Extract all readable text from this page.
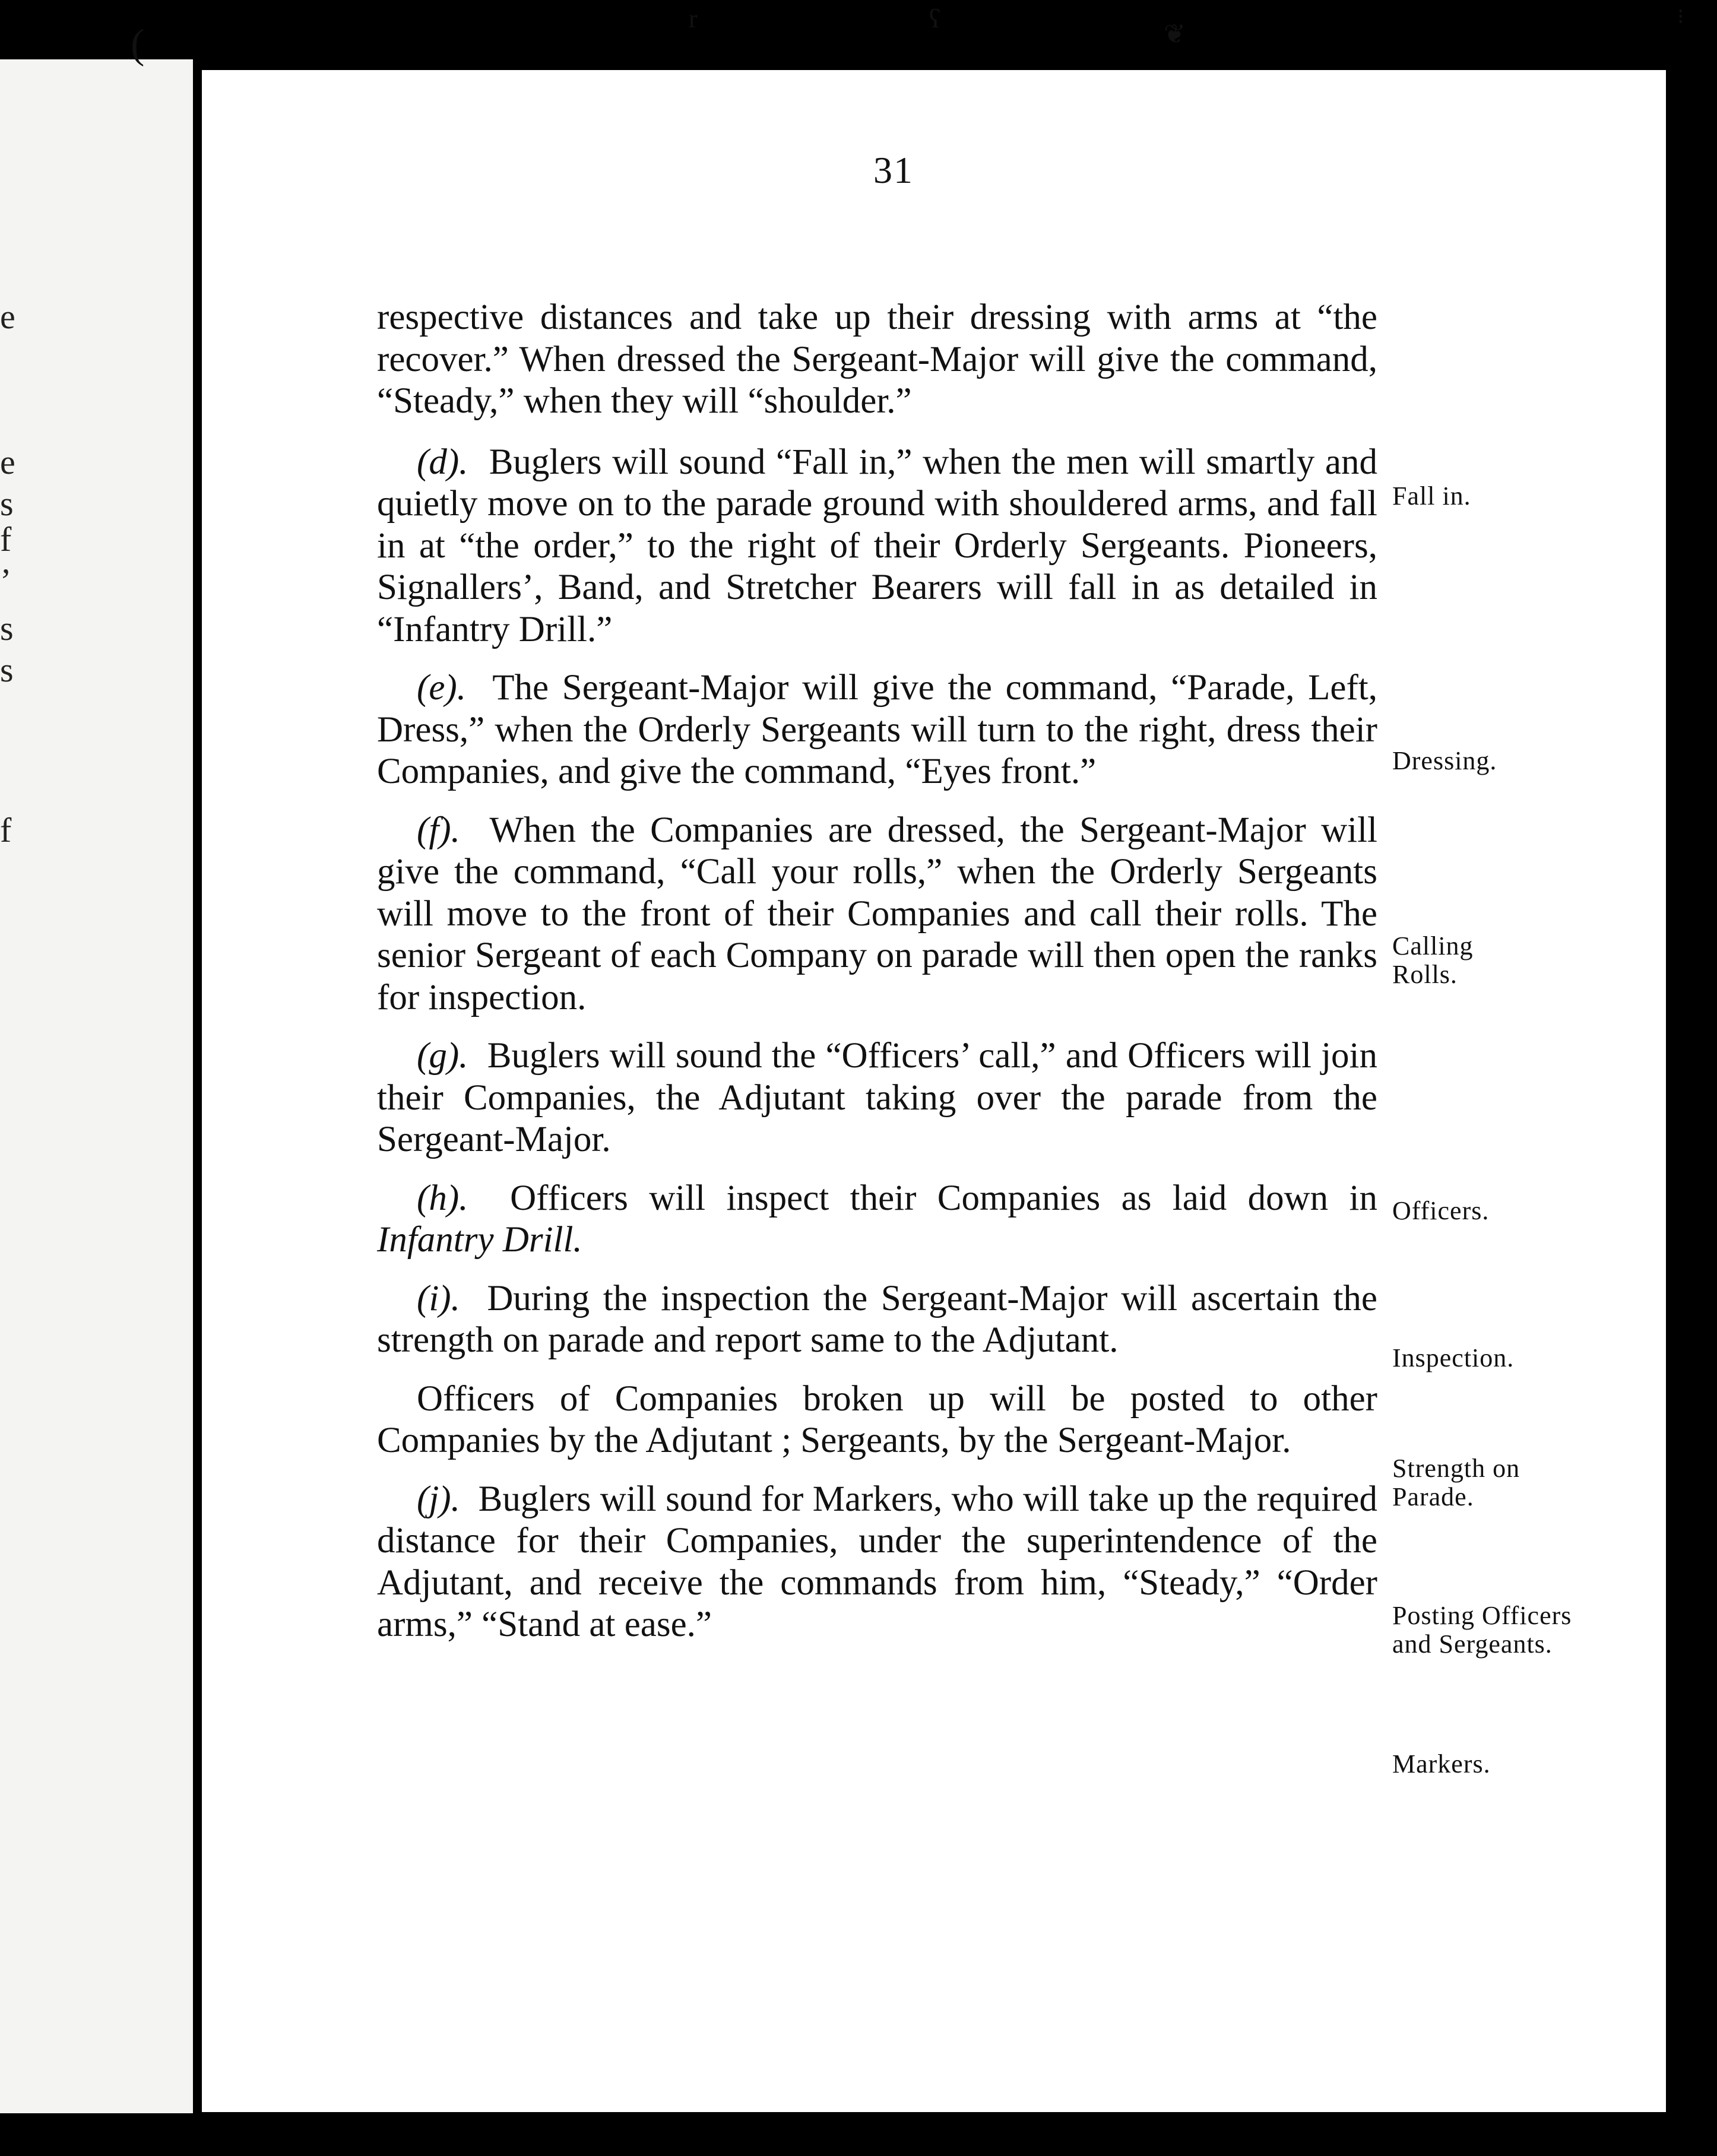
e
e
s
f
’
s
s
f
(
r	ʕ
❦
⁝
31

respective distances and take up their dressing with arms at “the recover.” When dressed the Sergeant-Major will give the command, “Steady,” when they will “shoulder.”

(d). Buglers will sound “Fall in,” when the men will smartly and quietly move on to the parade ground with shouldered arms, and fall in at “the order,” to the right of their Orderly Sergeants. Pioneers, Signallers’, Band, and Stretcher Bearers will fall in as detailed in “Infantry Drill.”

(e). The Sergeant-Major will give the command, “Parade, Left, Dress,” when the Orderly Sergeants will turn to the right, dress their Companies, and give the command, “Eyes front.”

(f). When the Companies are dressed, the Sergeant-Major will give the command, “Call your rolls,” when the Orderly Sergeants will move to the front of their Companies and call their rolls. The senior Sergeant of each Company on parade will then open the ranks for inspection.

(g). Buglers will sound the “Officers’ call,” and Officers will join their Companies, the Adjutant taking over the parade from the Sergeant-Major.

(h). Officers will inspect their Companies as laid down in Infantry Drill.

(i). During the inspection the Sergeant-Major will ascertain the strength on parade and report same to the Adjutant.

Officers of Companies broken up will be posted to other Companies by the Adjutant ; Sergeants, by the Sergeant-Major.

(j). Buglers will sound for Markers, who will take up the required distance for their Companies, under the superintendence of the Adjutant, and receive the commands from him, “Steady,” “Order arms,” “Stand at ease.”

Fall in.
Dressing.
Calling Rolls.
Officers.
Inspection.
Strength on Parade.
Posting Officers and Sergeants.
Markers.
